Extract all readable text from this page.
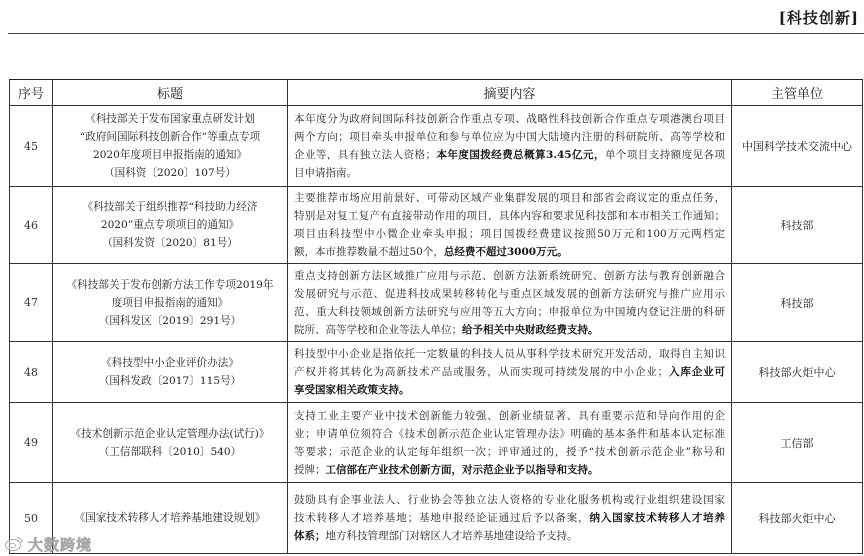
[科技创新]
序号	标题	摘要内容	主管单位
45	《科技部关于发布国家重点研发计划
“政府间国际科技创新合作”等重点专项
2020年度项目申报指南的通知》
（国科资〔2020〕107号）	本年度分为政府间国际科技创新合作重点专项、战略性科技创新合作重点专项港澳台项目
两个方向；项目牵头申报单位和参与单位应为中国大陆境内注册的科研院所、高等学校和
企业等，具有独立法人资格；本年度国拨经费总概算3.45亿元，单个项目支持额度见各项
目申请指南。	中国科学技术交流中心
46	《科技部关于组织推荐“科技助力经济
2020”重点专项项目的通知》
（国科发资〔2020〕81号）	主要推荐市场应用前景好、可带动区域产业集群发展的项目和部省会商议定的重点任务，
特别是对复工复产有直接带动作用的项目，具体内容和要求见科技部和本市相关工作通知；
项目由科技型中小微企业牵头申报；项目国拨经费建议按照50万元和100万元两档定
额，本市推荐数量不超过50个，总经费不超过3000万元。	科技部
47	《科技部关于发布创新方法工作专项2019年
度项目申报指南的通知》
（国科发区〔2019〕291号）	重点支持创新方法区域推广应用与示范、创新方法新系统研究、创新方法与教育创新融合
发展研究与示范、促进科技成果转移转化与重点区域发展的创新方法研究与推广应用示
范、重大科技领域创新方法研究与应用等五大方向；申报单位为中国境内登记注册的科研
院所、高等学校和企业等法人单位；给予相关中央财政经费支持。	科技部
48	《科技型中小企业评价办法》
（国科发政〔2017〕115号）	科技型中小企业是指依托一定数量的科技人员从事科学技术研究开发活动，取得自主知识
产权并将其转化为高新技术产品或服务，从而实现可持续发展的中小企业；入库企业可
享受国家相关政策支持。	科技部火炬中心
49	《技术创新示范企业认定管理办法(试行)》
（工信部联科〔2010〕540）	支持工业主要产业中技术创新能力较强、创新业绩显著、具有重要示范和导向作用的企
业；申请单位须符合《技术创新示范企业认定管理办法》明确的基本条件和基本认定标准
等要求；示范企业的认定每年组织一次；评审通过的，授予“技术创新示范企业”称号和
授牌；工信部在产业技术创新方面，对示范企业予以指导和支持。	工信部
50	《国家技术转移人才培养基地建设规划》	鼓励具有企事业法人、行业协会等独立法人资格的专业化服务机构或行业组织建设国家
技术转移人才培养基地；基地申报经论证通过后予以备案，纳入国家技术转移人才培养
体系；地方科技管理部门对辖区人才培养基地建设给予支持。	科技部火炬中心
大数跨境
